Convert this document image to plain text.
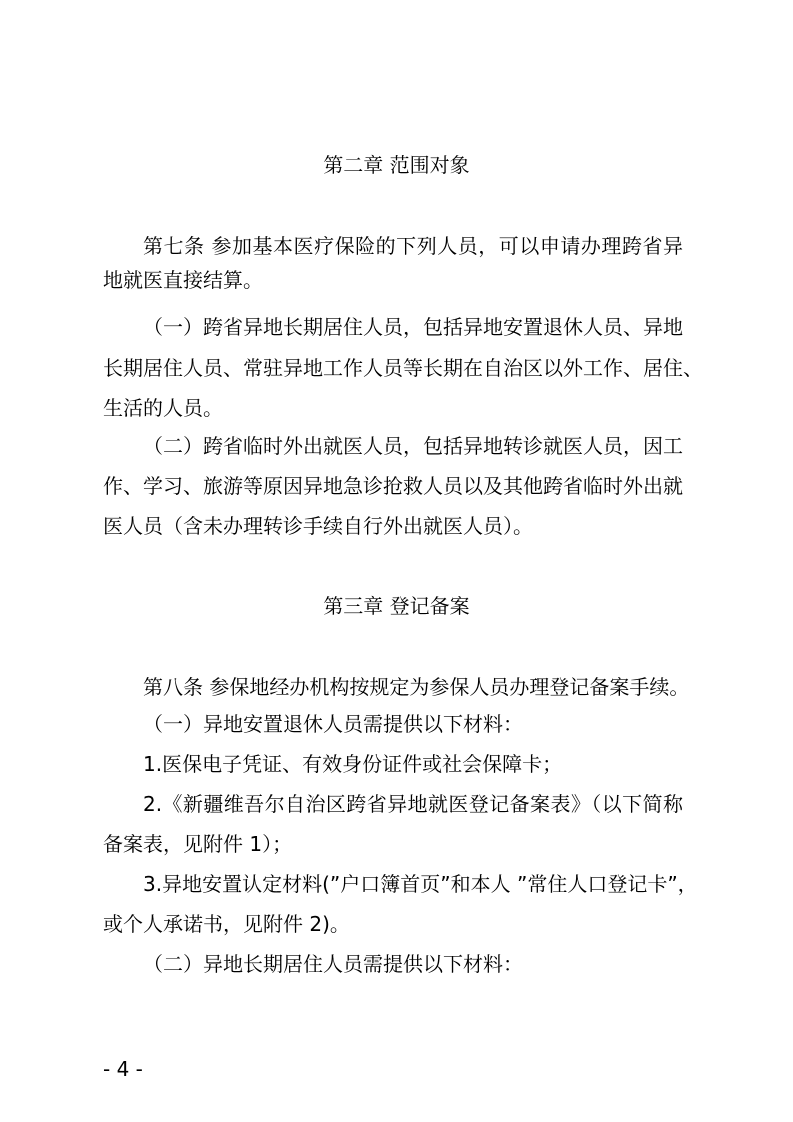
第二章 范围对象
第七条 参加基本医疗保险的下列人员，可以申请办理跨省异
地就医直接结算。
（一）跨省异地长期居住人员，包括异地安置退休人员、异地
长期居住人员、常驻异地工作人员等长期在自治区以外工作、居住、
生活的人员。
（二）跨省临时外出就医人员，包括异地转诊就医人员，因工
作、学习、旅游等原因异地急诊抢救人员以及其他跨省临时外出就
医人员（含未办理转诊手续自行外出就医人员）。
第三章 登记备案
第八条 参保地经办机构按规定为参保人员办理登记备案手续。
（一）异地安置退休人员需提供以下材料：
1.医保电子凭证、有效身份证件或社会保障卡；
2.《新疆维吾尔自治区跨省异地就医登记备案表》（以下简称
备案表，见附件 1）；
3.异地安置认定材料(”户口簿首页”和本人 ”常住人口登记卡”，
或个人承诺书，见附件 2)。
（二）异地长期居住人员需提供以下材料：
- 4 -
